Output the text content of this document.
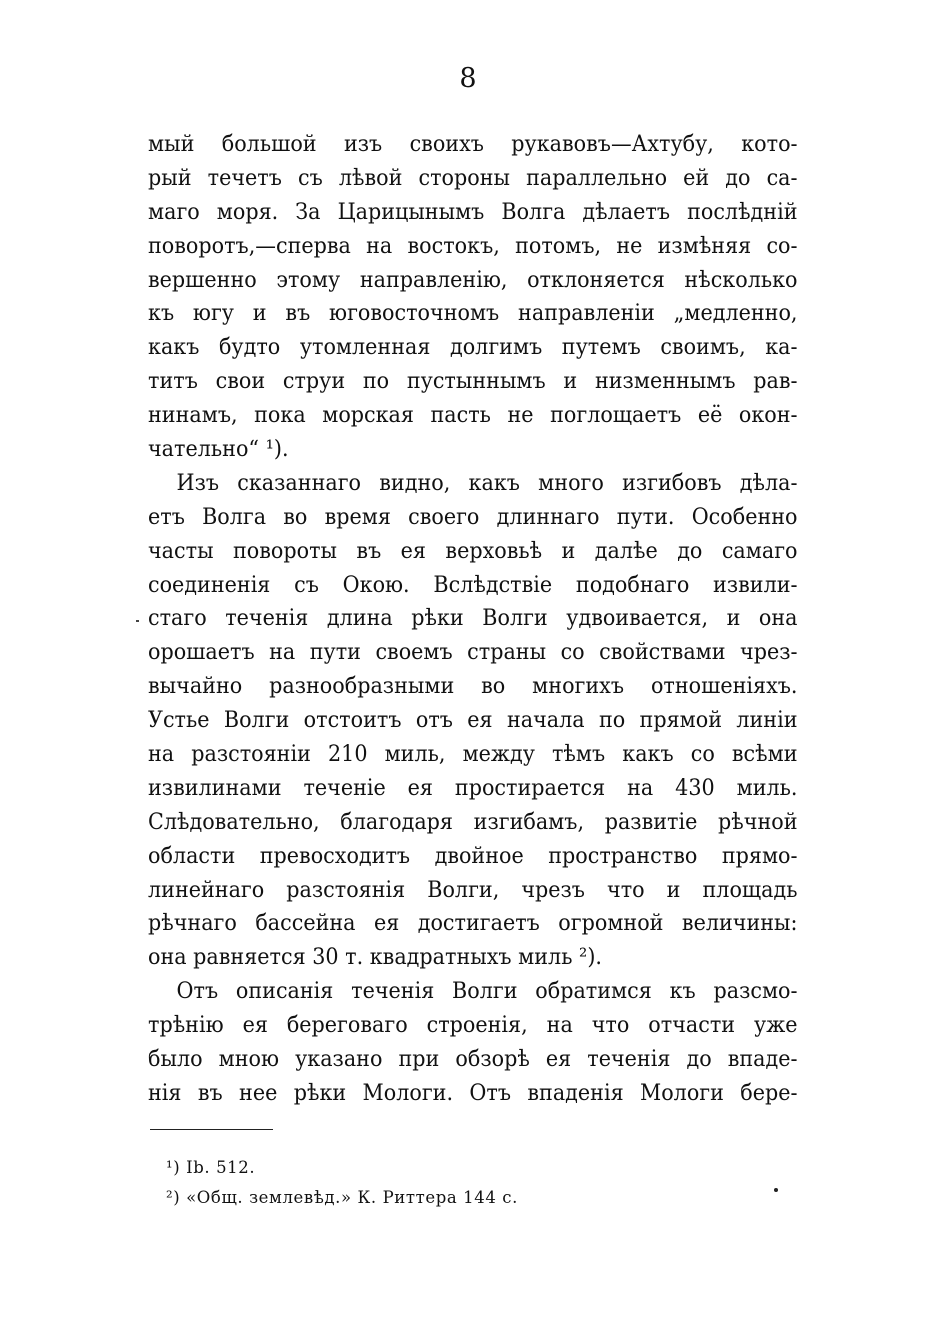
8
мый большой изъ своихъ рукавовъ—Ахтубу, кото-
рый течетъ съ лѣвой стороны параллельно ей до са-
маго моря. За Царицынымъ Волга дѣлаетъ послѣдній
поворотъ,—сперва на востокъ, потомъ, не измѣняя со-
вершенно этому направленію, отклоняется нѣсколько
къ югу и въ юговосточномъ направленіи „медленно,
какъ будто утомленная долгимъ путемъ своимъ, ка-
титъ свои струи по пустыннымъ и низменнымъ рав-
нинамъ, пока морская пасть не поглощаетъ её окон-
чательно“ ¹).
Изъ сказаннаго видно, какъ много изгибовъ дѣла-
етъ Волга во время своего длиннаго пути. Особенно
часты повороты въ ея верховьѣ и далѣе до самаго
соединенія съ Окою. Вслѣдствіе подобнаго извили-
стаго теченія длина рѣки Волги удвоивается, и она
орошаетъ на пути своемъ страны со свойствами чрез-
вычайно разнообразными во многихъ отношеніяхъ.
Устье Волги отстоитъ отъ ея начала по прямой линіи
на разстояніи 210 миль, между тѣмъ какъ со всѣми
извилинами теченіе ея простирается на 430 миль.
Слѣдовательно, благодаря изгибамъ, развитіе рѣчной
области превосходитъ двойное пространство прямо-
линейнаго разстоянія Волги, чрезъ что и площадь
рѣчнаго бассейна ея достигаетъ огромной величины:
она равняется 30 т. квадратныхъ миль ²).
Отъ описанія теченія Волги обратимся къ разсмо-
трѣнію ея береговаго строенія, на что отчасти уже
было мною указано при обзорѣ ея теченія до впаде-
нія въ нее рѣки Мологи. Отъ впаденія Мологи бере-
¹) Ib. 512.
²) «Общ. землевѣд.» К. Риттера 144 с.
